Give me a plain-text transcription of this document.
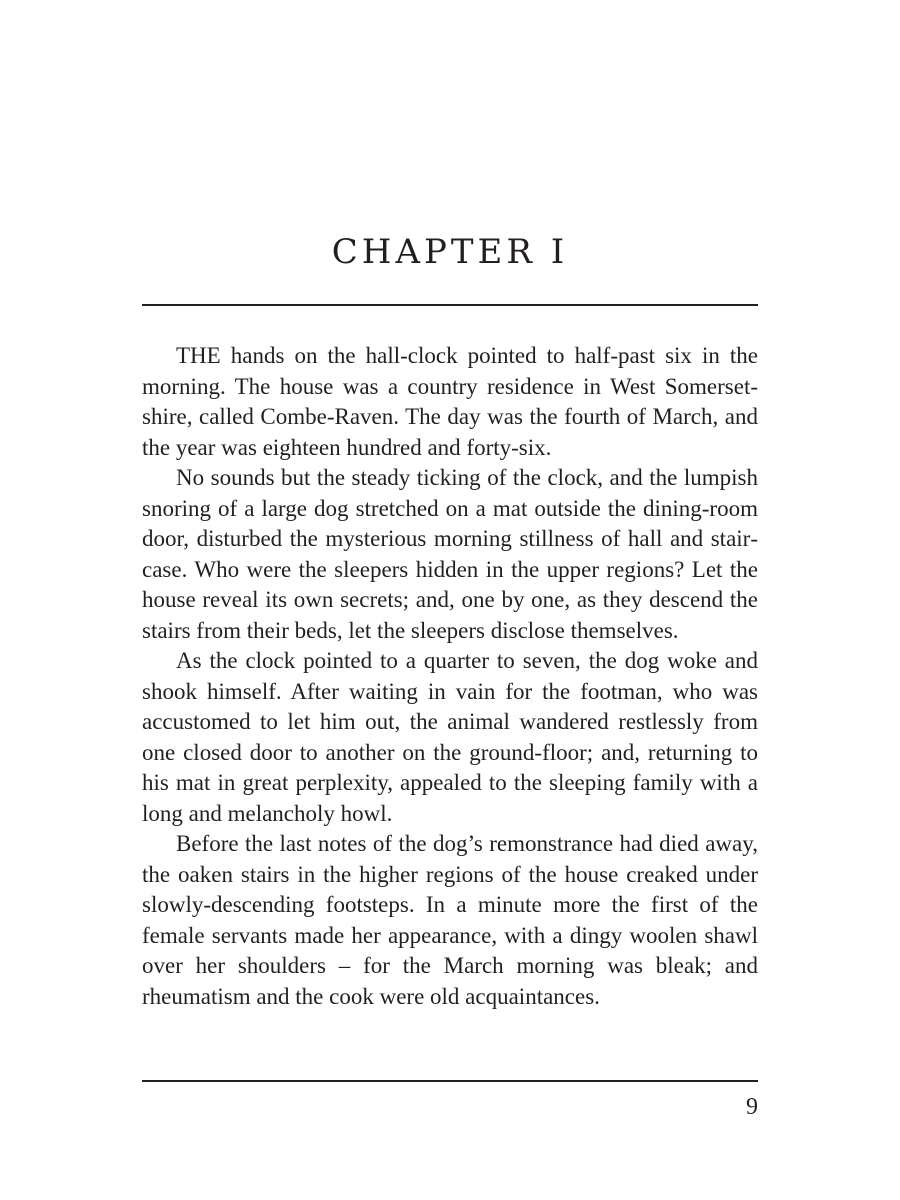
CHAPTER I

THE hands on the hall-clock pointed to half-past six in the morning. The house was a country residence in West Somersetshire, called Combe-Raven. The day was the fourth of March, and the year was eighteen hundred and forty-six.

No sounds but the steady ticking of the clock, and the lumpish snoring of a large dog stretched on a mat outside the dining-room door, disturbed the mysterious morning stillness of hall and staircase. Who were the sleepers hidden in the upper regions? Let the house reveal its own secrets; and, one by one, as they descend the stairs from their beds, let the sleepers disclose themselves.

As the clock pointed to a quarter to seven, the dog woke and shook himself. After waiting in vain for the footman, who was accustomed to let him out, the animal wandered restlessly from one closed door to another on the ground-floor; and, returning to his mat in great perplexity, appealed to the sleeping family with a long and melancholy howl.

Before the last notes of the dog’s remonstrance had died away, the oaken stairs in the higher regions of the house creaked under slowly-descending footsteps. In a minute more the first of the female servants made her appearance, with a dingy woolen shawl over her shoulders – for the March morning was bleak; and rheumatism and the cook were old acquaintances.

9
